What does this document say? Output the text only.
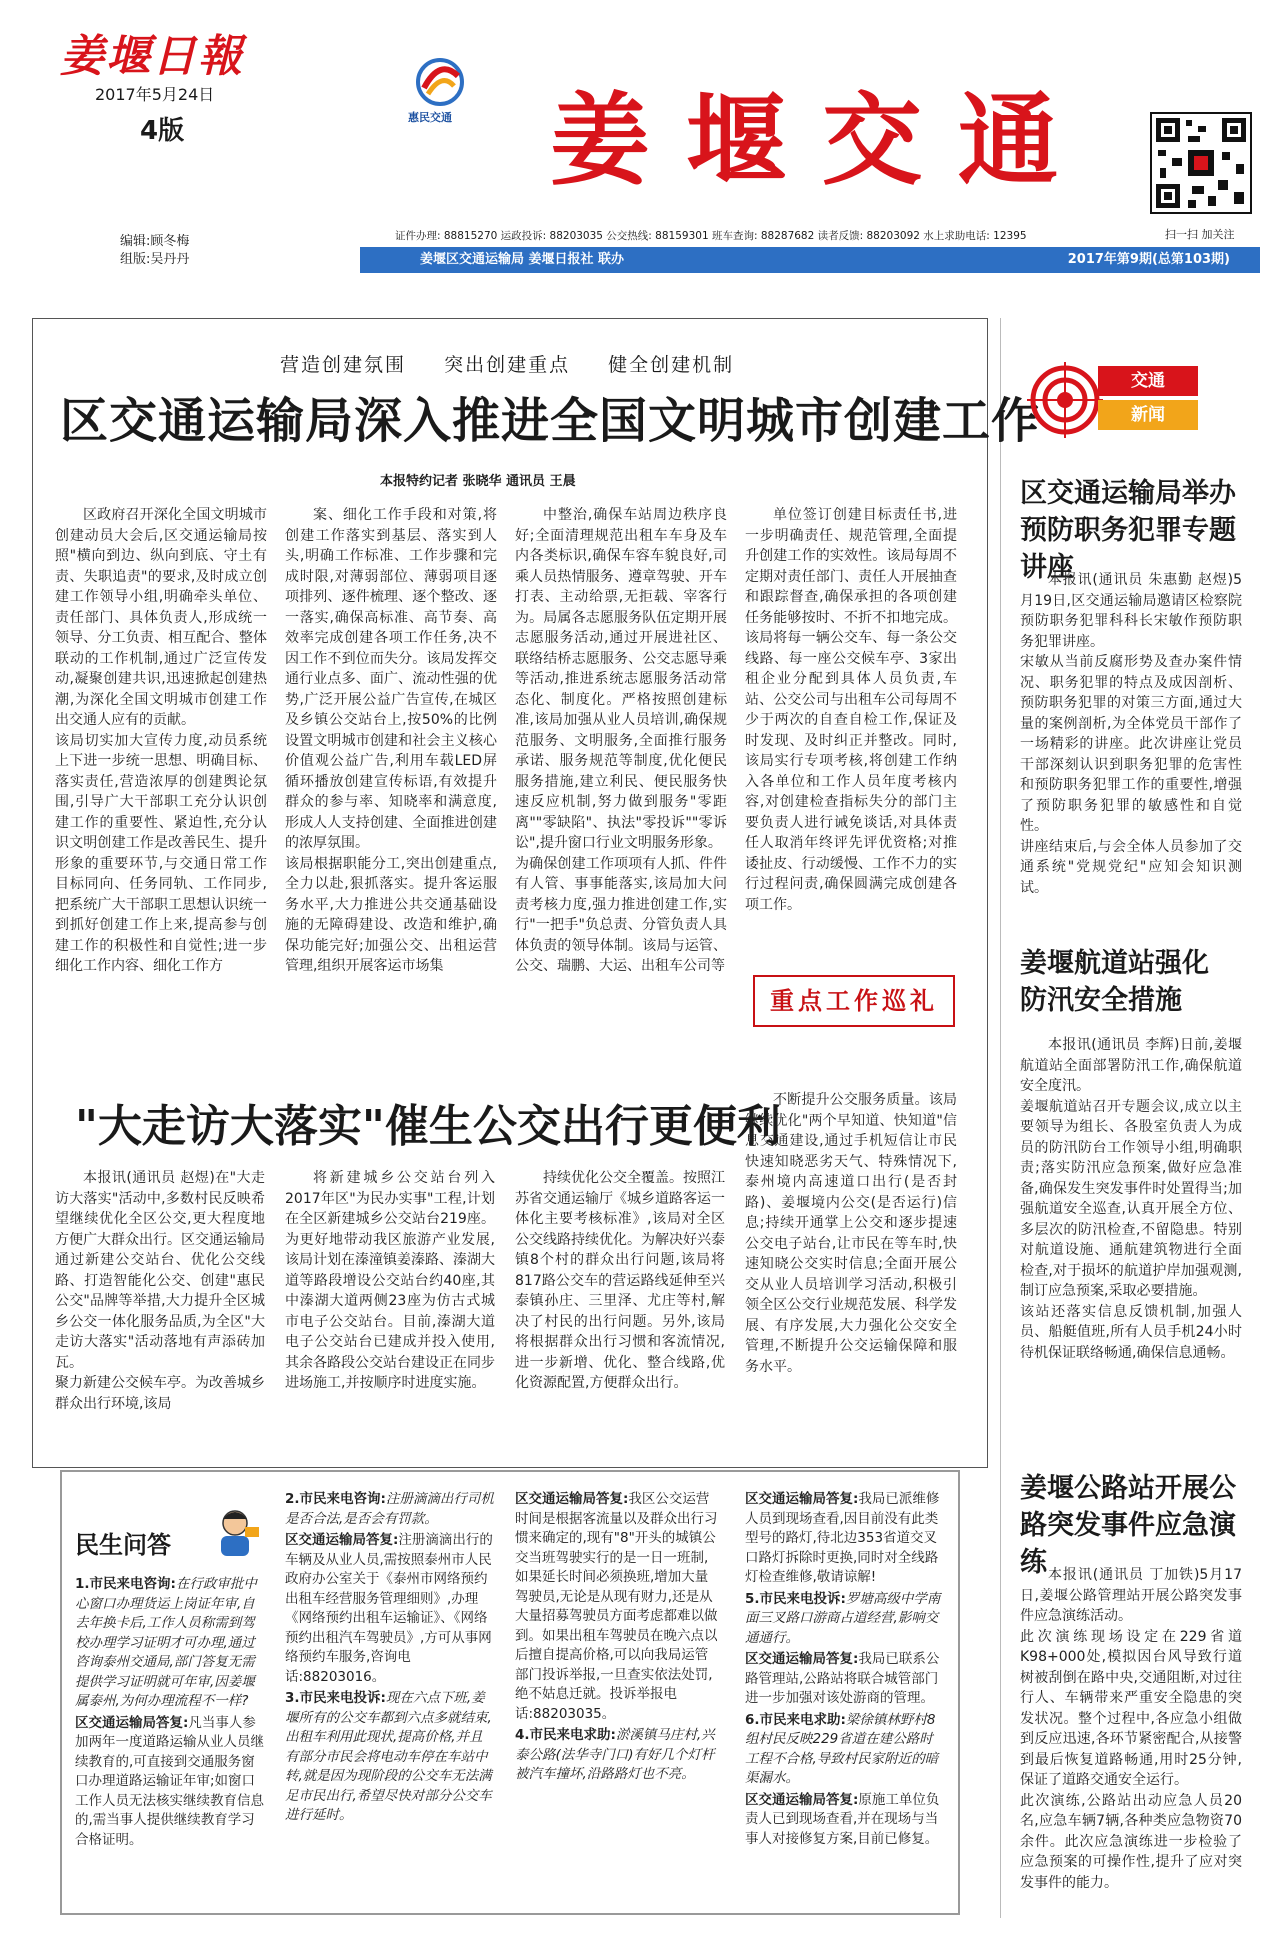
姜堰日報
2017年5月24日
4版
编辑:顾冬梅
组版:吴丹丹
惠民交通 姜堰交通
扫一扫 加关注
证件办理: 88815270 运政投诉: 88203035 公交热线: 88159301 班车查询: 88287682 读者反馈: 88203092 水上求助电话: 12395
姜堰区交通运输局 姜堰日报社 联办	2017年第9期(总第103期)
营造创建氛围 突出创建重点 健全创建机制
区交通运输局深入推进全国文明城市创建工作
本报特约记者 张晓华 通讯员 王晨
区政府召开深化全国文明城市创建动员大会后,区交通运输局按照"横向到边、纵向到底、守土有责、失职追责"的要求,及时成立创建工作领导小组,明确牵头单位、责任部门、具体负责人,形成统一领导、分工负责、相互配合、整体联动的工作机制,通过广泛宣传发动,凝聚创建共识,迅速掀起创建热潮,为深化全国文明城市创建工作出交通人应有的贡献。
该局切实加大宣传力度,动员系统上下进一步统一思想、明确目标、落实责任,营造浓厚的创建舆论氛围,引导广大干部职工充分认识创建工作的重要性、紧迫性,充分认识文明创建工作是改善民生、提升形象的重要环节,与交通日常工作目标同向、任务同轨、工作同步,把系统广大干部职工思想认识统一到抓好创建工作上来,提高参与创建工作的积极性和自觉性;进一步细化工作内容、细化工作方
案、细化工作手段和对策,将创建工作落实到基层、落实到人头,明确工作标准、工作步骤和完成时限,对薄弱部位、薄弱项目逐项排列、逐件梳理、逐个整改、逐一落实,确保高标准、高节奏、高效率完成创建各项工作任务,决不因工作不到位而失分。该局发挥交通行业点多、面广、流动性强的优势,广泛开展公益广告宣传,在城区及乡镇公交站台上,按50%的比例设置文明城市创建和社会主义核心价值观公益广告,利用车载LED屏循环播放创建宣传标语,有效提升群众的参与率、知晓率和满意度,形成人人支持创建、全面推进创建的浓厚氛围。
该局根据职能分工,突出创建重点,全力以赴,狠抓落实。提升客运服务水平,大力推进公共交通基础设施的无障碍建设、改造和维护,确保功能完好;加强公交、出租运营管理,组织开展客运市场集
中整治,确保车站周边秩序良好;全面清理规范出租车车身及车内各类标识,确保车容车貌良好,司乘人员热情服务、遵章驾驶、开车打表、主动给票,无拒载、宰客行为。局属各志愿服务队伍定期开展志愿服务活动,通过开展进社区、联络结桥志愿服务、公交志愿导乘等活动,推进系统志愿服务活动常态化、制度化。严格按照创建标准,该局加强从业人员培训,确保规范服务、文明服务,全面推行服务承诺、服务规范等制度,优化便民服务措施,建立利民、便民服务快速反应机制,努力做到服务"零距离""零缺陷"、执法"零投诉""零诉讼",提升窗口行业文明服务形象。
为确保创建工作项项有人抓、件件有人管、事事能落实,该局加大问责考核力度,强力推进创建工作,实行"一把手"负总责、分管负责人具体负责的领导体制。该局与运管、公交、瑞鹏、大运、出租车公司等
单位签订创建目标责任书,进一步明确责任、规范管理,全面提升创建工作的实效性。该局每周不定期对责任部门、责任人开展抽查和跟踪督查,确保承担的各项创建任务能够按时、不折不扣地完成。该局将每一辆公交车、每一条公交线路、每一座公交候车亭、3家出租企业分配到具体人员负责,车站、公交公司与出租车公司每周不少于两次的自查自检工作,保证及时发现、及时纠正并整改。同时,该局实行专项考核,将创建工作纳入各单位和工作人员年度考核内容,对创建检查指标失分的部门主要负责人进行诫免谈话,对具体责任人取消年终评先评优资格;对推诿扯皮、行动缓慢、工作不力的实行过程问责,确保圆满完成创建各项工作。
重点工作巡礼
"大走访大落实"催生公交出行更便利
本报讯(通讯员 赵煜)在"大走访大落实"活动中,多数村民反映希望继续优化全区公交,更大程度地方便广大群众出行。区交通运输局通过新建公交站台、优化公交线路、打造智能化公交、创建"惠民公交"品牌等举措,大力提升全区城乡公交一体化服务品质,为全区"大走访大落实"活动落地有声添砖加瓦。
聚力新建公交候车亭。为改善城乡群众出行环境,该局
将新建城乡公交站台列入2017年区"为民办实事"工程,计划在全区新建城乡公交站台219座。为更好地带动我区旅游产业发展,该局计划在溱潼镇姜溱路、溱湖大道等路段增设公交站台约40座,其中溱湖大道两侧23座为仿古式城市电子公交站台。目前,溱湖大道电子公交站台已建成并投入使用,其余各路段公交站台建设正在同步进场施工,并按顺序时进度实施。
持续优化公交全覆盖。按照江苏省交通运输厅《城乡道路客运一体化主要考核标准》,该局对全区公交线路持续优化。为解决好兴泰镇8个村的群众出行问题,该局将817路公交车的营运路线延伸至兴泰镇孙庄、三里泽、尤庄等村,解决了村民的出行问题。另外,该局将根据群众出行习惯和客流情况,进一步新增、优化、整合线路,优化资源配置,方便群众出行。
不断提升公交服务质量。该局继续优化"两个早知道、快知道"信息交通建设,通过手机短信让市民快速知晓恶劣天气、特殊情况下,泰州境内高速道口出行(是否封路)、姜堰境内公交(是否运行)信息;持续开通掌上公交和逐步提速公交电子站台,让市民在等车时,快速知晓公交实时信息;全面开展公交从业人员培训学习活动,积极引领全区公交行业规范发展、科学发展、有序发展,大力强化公交安全管理,不断提升公交运输保障和服务水平。
民生问答

1.市民来电咨询:在行政审批中心窗口办理货运上岗证年审,自去年换卡后,工作人员称需到驾校办理学习证明才可办理,通过咨询泰州交通局,部门答复无需提供学习证明就可年审,因姜堰属泰州,为何办理流程不一样?

区交通运输局答复:凡当事人参加两年一度道路运输从业人员继续教育的,可直接到交通服务窗口办理道路运输证年审;如窗口工作人员无法核实继续教育信息的,需当事人提供继续教育学习合格证明。

2.市民来电咨询:注册滴滴出行司机是否合法,是否会有罚款。

区交通运输局答复:注册滴滴出行的车辆及从业人员,需按照泰州市人民政府办公室关于《泰州市网络预约出租车经营服务管理细则》,办理《网络预约出租车运输证》、《网络预约出租汽车驾驶员》,方可从事网络预约车服务,咨询电话:88203016。

3.市民来电投诉:现在六点下班,姜堰所有的公交车都到六点多就结束,出租车利用此现状,提高价格,并且有部分市民会将电动车停在车站中转,就是因为现阶段的公交车无法满足市民出行,希望尽快对部分公交车进行延时。

区交通运输局答复:我区公交运营时间是根据客流量以及群众出行习惯来确定的,现有"8"开头的城镇公交当班驾驶实行的是一日一班制,如果延长时间必须换班,增加大量驾驶员,无论是从现有财力,还是从大量招募驾驶员方面考虑都难以做到。如果出租车驾驶员在晚六点以后擅自提高价格,可以向我局运管部门投诉举报,一旦查实依法处罚,绝不姑息迁就。投诉举报电话:88203035。

4.市民来电求助:淤溪镇马庄村,兴泰公路(法华寺门口)有好几个灯杆被汽车撞坏,沿路路灯也不亮。

区交通运输局答复:我局已派维修人员到现场查看,因目前没有此类型号的路灯,待北边353省道交叉口路灯拆除时更换,同时对全线路灯检查维修,敬请谅解!

5.市民来电投诉:罗塘高级中学南面三叉路口游商占道经营,影响交通通行。

区交通运输局答复:我局已联系公路管理站,公路站将联合城管部门进一步加强对该处游商的管理。

6.市民来电求助:梁徐镇林野村8组村民反映229省道在建公路时工程不合格,导致村民家附近的暗渠漏水。

区交通运输局答复:原施工单位负责人已到现场查看,并在现场与当事人对接修复方案,目前已修复。

交通
新闻
区交通运输局举办预防职务犯罪专题讲座
本报讯(通讯员 朱惠勤 赵煜)5月19日,区交通运输局邀请区检察院预防职务犯罪科科长宋敏作预防职务犯罪讲座。
宋敏从当前反腐形势及查办案件情况、职务犯罪的特点及成因剖析、预防职务犯罪的对策三方面,通过大量的案例剖析,为全体党员干部作了一场精彩的讲座。此次讲座让党员干部深刻认识到职务犯罪的危害性和预防职务犯罪工作的重要性,增强了预防职务犯罪的敏感性和自觉性。
讲座结束后,与会全体人员参加了交通系统"党规党纪"应知会知识测试。
姜堰航道站强化防汛安全措施
本报讯(通讯员 李辉)日前,姜堰航道站全面部署防汛工作,确保航道安全度汛。
姜堰航道站召开专题会议,成立以主要领导为组长、各股室负责人为成员的防汛防台工作领导小组,明确职责;落实防汛应急预案,做好应急准备,确保发生突发事件时处置得当;加强航道安全巡查,认真开展全方位、多层次的防汛检查,不留隐患。特别对航道设施、通航建筑物进行全面检查,对于损坏的航道护岸加强观测,制订应急预案,采取必要措施。
该站还落实信息反馈机制,加强人员、船艇值班,所有人员手机24小时待机保证联络畅通,确保信息通畅。
姜堰公路站开展公路突发事件应急演练 本报讯(通讯员 丁加铁)5月17日,姜堰公路管理站开展公路突发事件应急演练活动。
此次演练现场设定在229省道K98+000处,模拟因台风导致行道树被刮倒在路中央,交通阻断,对过往行人、车辆带来严重安全隐患的突发状况。整个过程中,各应急小组做到反应迅速,各环节紧密配合,从接警到最后恢复道路畅通,用时25分钟,保证了道路交通安全运行。
此次演练,公路站出动应急人员20名,应急车辆7辆,各种类应急物资70余件。此次应急演练进一步检验了应急预案的可操作性,提升了应对突发事件的能力。
